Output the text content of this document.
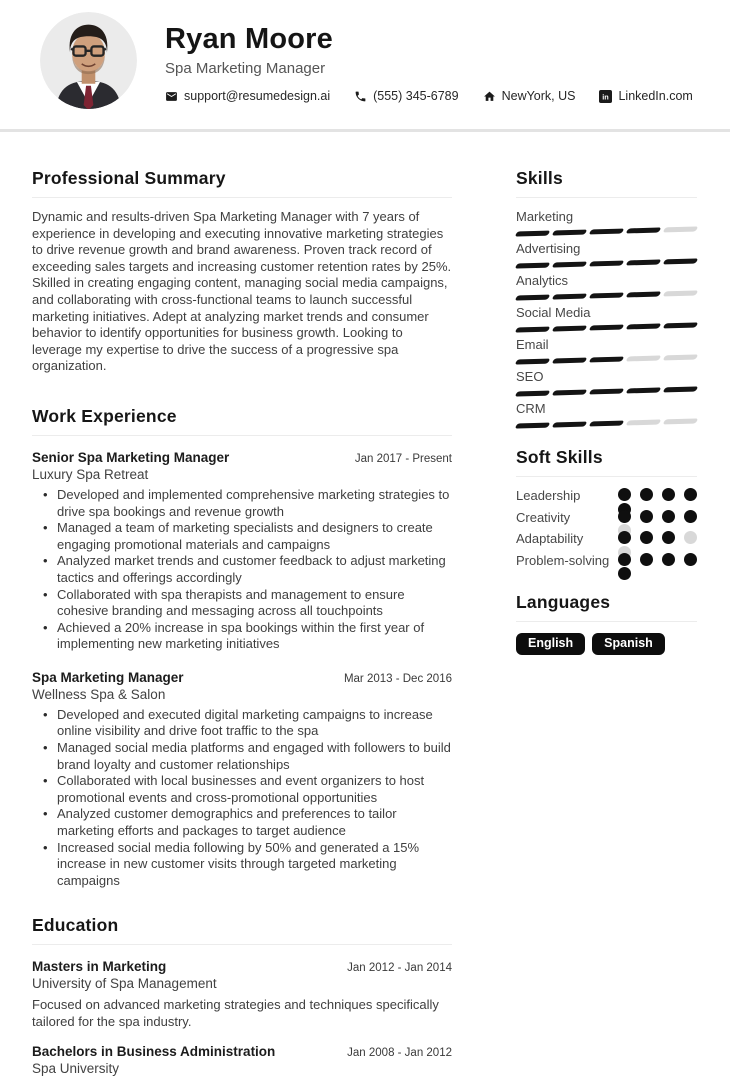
Ryan Moore
Spa Marketing Manager
support@resumedesign.ai	(555) 345-6789	NewYork, US in LinkedIn.com
Professional Summary

Dynamic and results-driven Spa Marketing Manager with 7 years of experience in developing and executing innovative marketing strategies to drive revenue growth and brand awareness. Proven track record of exceeding sales targets and increasing customer retention rates by 25%. Skilled in creating engaging content, managing social media campaigns, and collaborating with cross-functional teams to launch successful marketing initiatives. Adept at analyzing market trends and consumer behavior to identify opportunities for business growth. Looking to leverage my expertise to drive the success of a progressive spa organization.

Work Experience
Senior Spa Marketing Manager	Jan 2017 - Present
Luxury Spa Retreat
• Developed and implemented comprehensive marketing strategies to drive spa bookings and revenue growth
• Managed a team of marketing specialists and designers to create engaging promotional materials and campaigns
• Analyzed market trends and customer feedback to adjust marketing tactics and offerings accordingly
• Collaborated with spa therapists and management to ensure cohesive branding and messaging across all touchpoints
• Achieved a 20% increase in spa bookings within the first year of implementing new marketing initiatives
Spa Marketing Manager	Mar 2013 - Dec 2016
Wellness Spa & Salon
• Developed and executed digital marketing campaigns to increase online visibility and drive foot traffic to the spa
• Managed social media platforms and engaged with followers to build brand loyalty and customer relationships
• Collaborated with local businesses and event organizers to host promotional events and cross-promotional opportunities
• Analyzed customer demographics and preferences to tailor marketing efforts and packages to target audience
• Increased social media following by 50% and generated a 15% increase in new customer visits through targeted marketing campaigns
Education
Masters in Marketing	Jan 2012 - Jan 2014
University of Spa Management

Focused on advanced marketing strategies and techniques specifically tailored for the spa industry.

Bachelors in Business Administration	Jan 2008 - Jan 2012
Spa University
Skills
Marketing
Advertising
Analytics
Social Media
Email
SEO
CRM
Soft Skills
Leadership
Creativity
Adaptability
Problem-solving
Languages
English	Spanish
